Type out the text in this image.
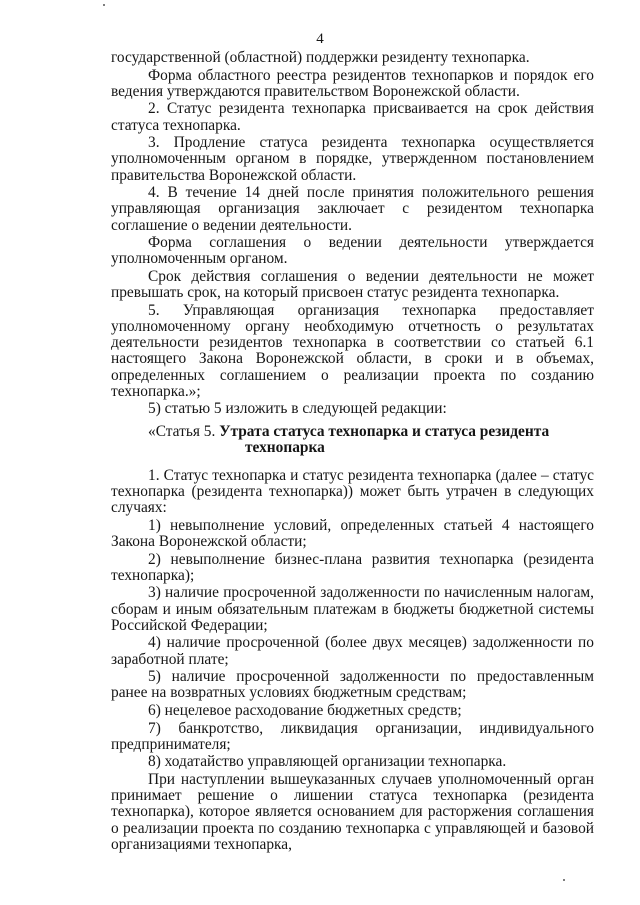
4

государственной (областной) поддержки резиденту технопарка.

Форма областного реестра резидентов технопарков и порядок его ведения утверждаются правительством Воронежской области.

2. Статус резидента технопарка присваивается на срок действия статуса технопарка.

3. Продление статуса резидента технопарка осуществляется уполномоченным органом в порядке, утвержденном постановлением правительства Воронежской области.

4. В течение 14 дней после принятия положительного решения управляющая организация заключает с резидентом технопарка соглашение о ведении деятельности.

Форма соглашения о ведении деятельности утверждается уполномоченным органом.

Срок действия соглашения о ведении деятельности не может превышать срок, на который присвоен статус резидента технопарка.

5. Управляющая организация технопарка предоставляет уполномоченному органу необходимую отчетность о результатах деятельности резидентов технопарка в соответствии со статьей 6.1 настоящего Закона Воронежской области, в сроки и в объемах, определенных соглашением о реализации проекта по созданию технопарка.»;

5) статью 5 изложить в следующей редакции:

«Статья 5. Утрата статуса технопарка и статуса резидента
технопарка

1. Статус технопарка и статус резидента технопарка (далее – статус технопарка (резидента технопарка)) может быть утрачен в следующих случаях:

1) невыполнение условий, определенных статьей 4 настоящего Закона Воронежской области;

2) невыполнение бизнес-плана развития технопарка (резидента технопарка);

3) наличие просроченной задолженности по начисленным налогам, сборам и иным обязательным платежам в бюджеты бюджетной системы Российской Федерации;

4) наличие просроченной (более двух месяцев) задолженности по заработной плате;

5) наличие просроченной задолженности по предоставленным ранее на возвратных условиях бюджетным средствам;

6) нецелевое расходование бюджетных средств;

7) банкротство, ликвидация организации, индивидуального предпринимателя;

8) ходатайство управляющей организации технопарка.

При наступлении вышеуказанных случаев уполномоченный орган принимает решение о лишении статуса технопарка (резидента технопарка), которое является основанием для расторжения соглашения о реализации проекта по созданию технопарка с управляющей и базовой организациями технопарка,
